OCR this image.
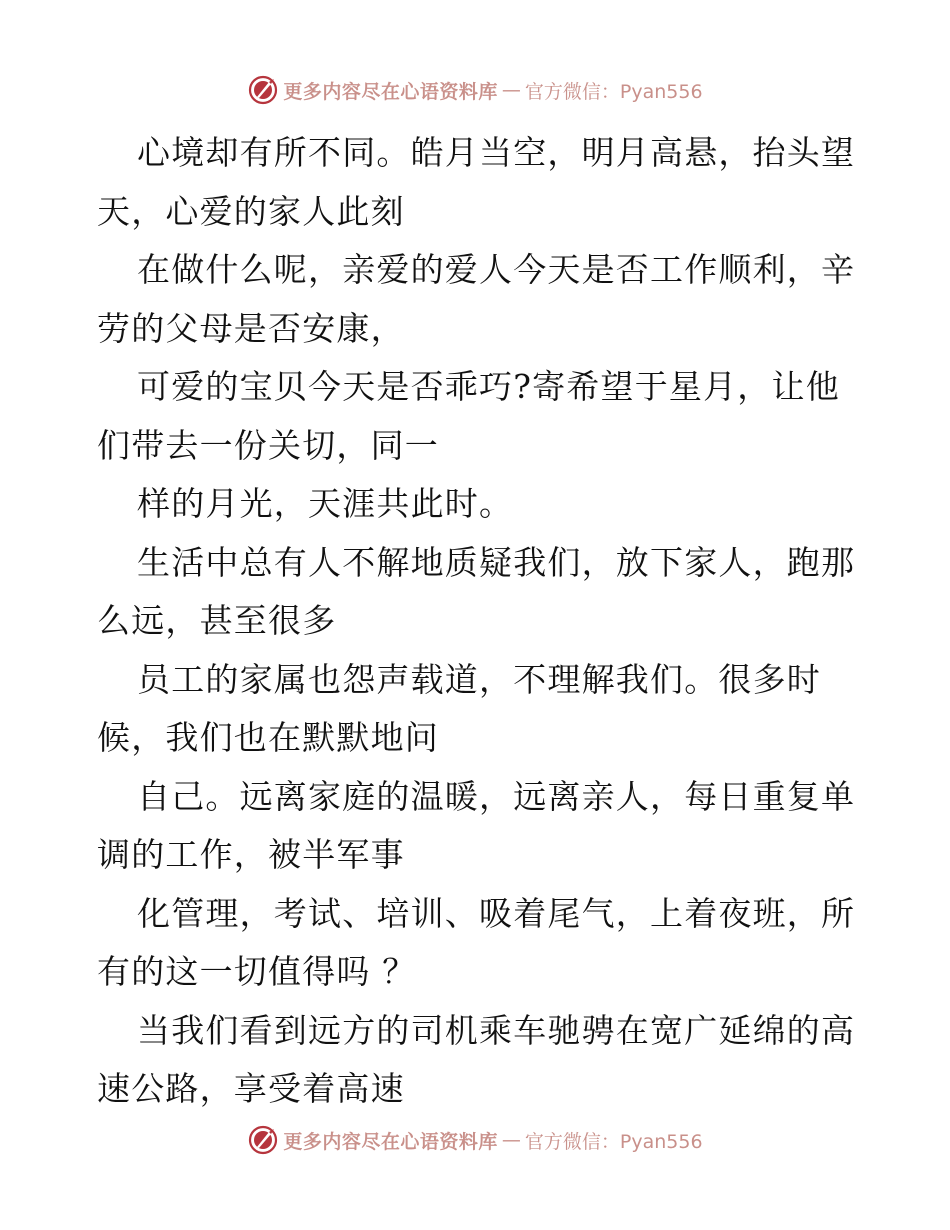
更多内容尽在心语资料库 — 官方微信：Pyan556
心境却有所不同。皓月当空，明月高悬，抬头望
天，心爱的家人此刻
在做什么呢，亲爱的爱人今天是否工作顺利，辛
劳的父母是否安康，
可爱的宝贝今天是否乖巧?寄希望于星月，让他
们带去一份关切，同一
样的月光，天涯共此时。
生活中总有人不解地质疑我们，放下家人，跑那
么远，甚至很多
员工的家属也怨声载道，不理解我们。很多时
候，我们也在默默地问
自己。远离家庭的温暖，远离亲人，每日重复单
调的工作，被半军事
化管理，考试、培训、吸着尾气，上着夜班，所
有的这一切值得吗 ？
当我们看到远方的司机乘车驰骋在宽广延绵的高
速公路，享受着高速
更多内容尽在心语资料库 — 官方微信：Pyan556
